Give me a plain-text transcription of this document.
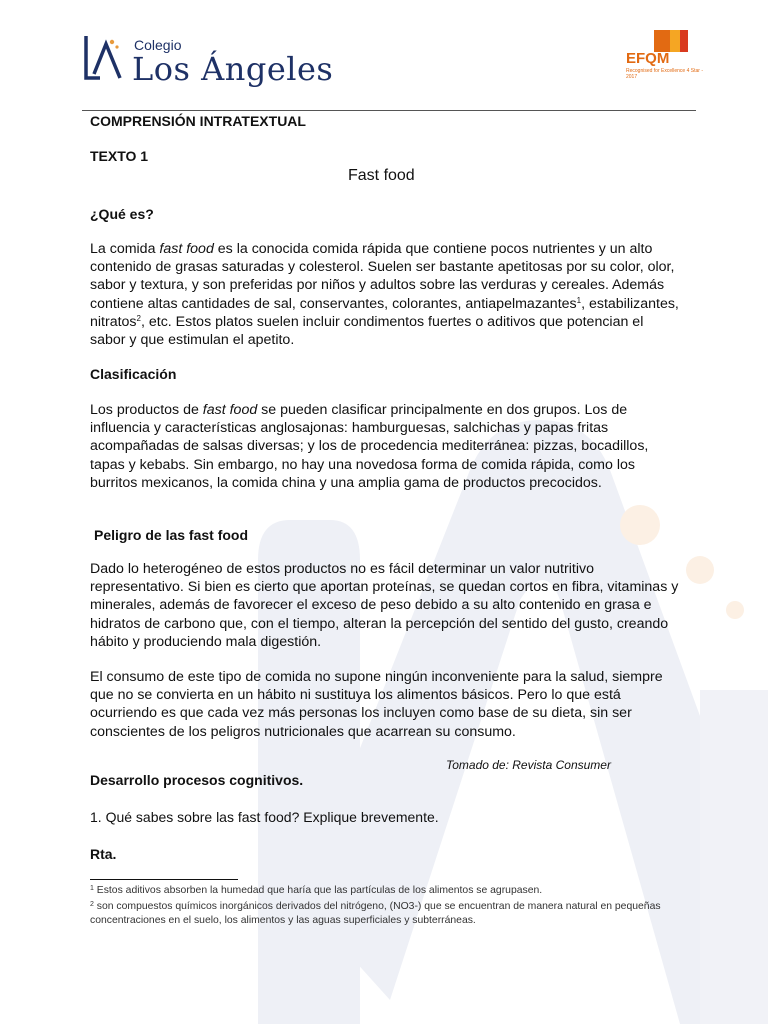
Colegio
Los Ángeles	EFQM
Recognised for Excellence 4 Star - 2017
COMPRENSIÓN INTRATEXTUAL
TEXTO 1
Fast food
¿Qué es?
La comida fast food es la conocida comida rápida que contiene pocos nutrientes y un alto contenido de grasas saturadas y colesterol. Suelen ser bastante apetitosas por su color, olor, sabor y textura, y son preferidas por niños y adultos sobre las verduras y cereales. Además contiene altas cantidades de sal, conservantes, colorantes, antiapelmazantes$^1$, estabilizantes, nitratos$^2$, etc. Estos platos suelen incluir condimentos fuertes o aditivos que potencian el sabor y que estimulan el apetito.
Clasificación
Los productos de fast food se pueden clasificar principalmente en dos grupos. Los de influencia y características anglosajonas: hamburguesas, salchichas y papas fritas acompañadas de salsas diversas; y los de procedencia mediterránea: pizzas, bocadillos, tapas y kebabs. Sin embargo, no hay una novedosa forma de comida rápida, como los burritos mexicanos, la comida china y una amplia gama de productos precocidos.
Peligro de las fast food
Dado lo heterogéneo de estos productos no es fácil determinar un valor nutritivo representativo. Si bien es cierto que aportan proteínas, se quedan cortos en fibra, vitaminas y minerales, además de favorecer el exceso de peso debido a su alto contenido en grasa e hidratos de carbono que, con el tiempo, alteran la percepción del sentido del gusto, creando hábito y produciendo mala digestión.
El consumo de este tipo de comida no supone ningún inconveniente para la salud, siempre que no se convierta en un hábito ni sustituya los alimentos básicos. Pero lo que está ocurriendo es que cada vez más personas los incluyen como base de su dieta, sin ser conscientes de los peligros nutricionales que acarrean su consumo.
Tomado de: Revista Consumer
Desarrollo procesos cognitivos.
1. Qué sabes sobre las fast food? Explique brevemente.
Rta.
$^1$ Estos aditivos absorben la humedad que haría que las partículas de los alimentos se agrupasen.
$^2$ son compuestos químicos inorgánicos derivados del nitrógeno, (NO3-) que se encuentran de manera natural en pequeñas concentraciones en el suelo, los alimentos y las aguas superficiales y subterráneas.
